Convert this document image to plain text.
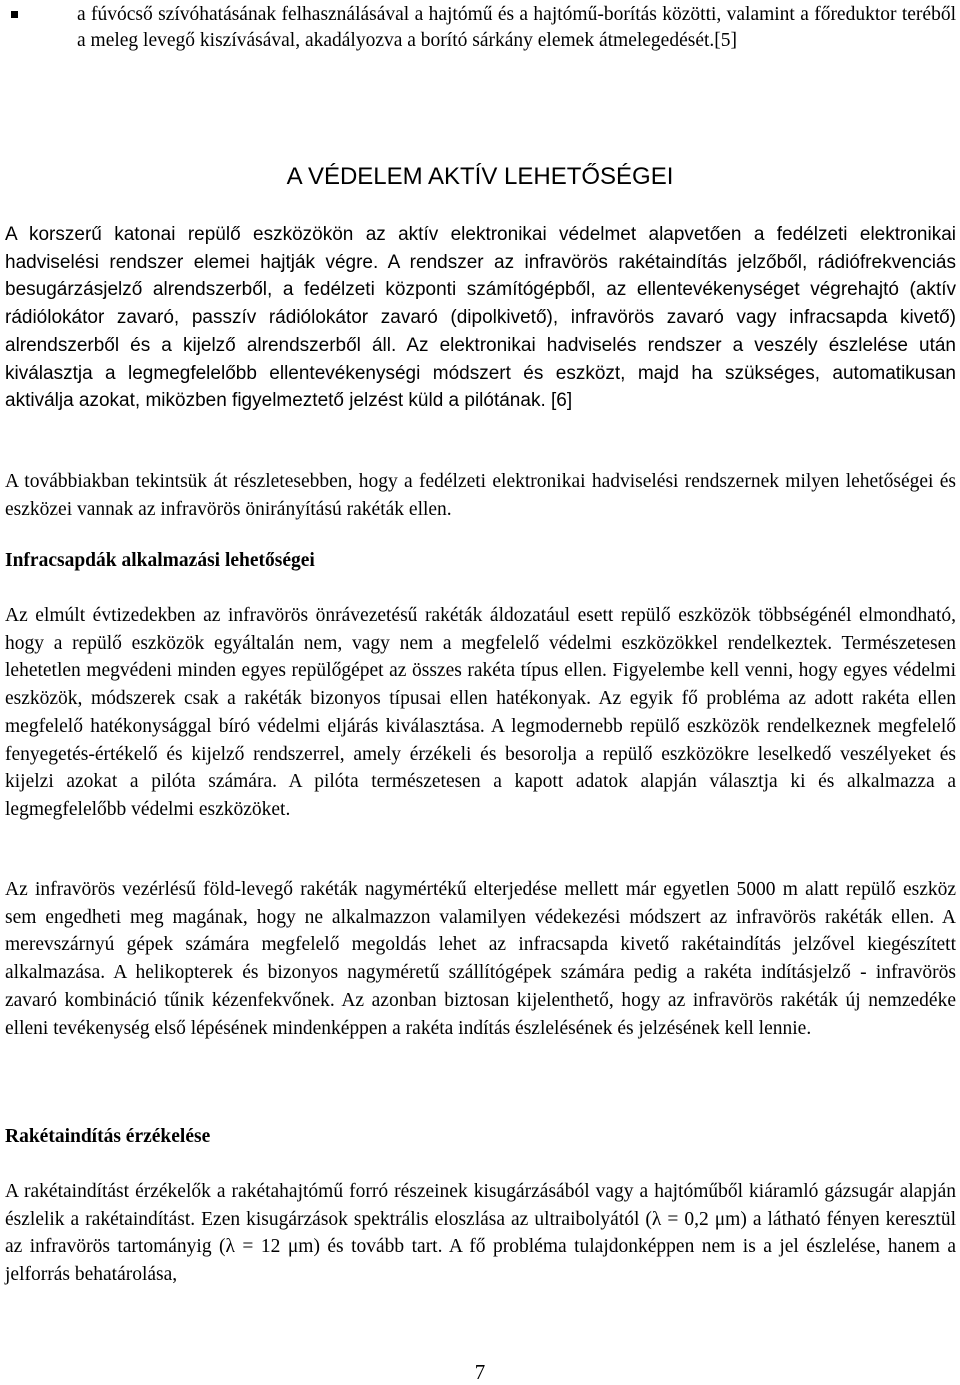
a fúvócső szívóhatásának felhasználásával a hajtómű és a hajtómű-borítás közötti, valamint a főreduktor teréből a meleg levegő kiszívásával, akadályozva a borító sárkány elemek átmelegedését.[5]
A VÉDELEM AKTÍV LEHETŐSÉGEI

A korszerű katonai repülő eszközökön az aktív elektronikai védelmet alapvetően a fedélzeti elektronikai hadviselési rendszer elemei hajtják végre. A rendszer az infravörös rakétaindítás jelzőből, rádiófrekvenciás besugárzásjelző alrendszerből, a fedélzeti központi számítógépből, az ellentevékenységet végrehajtó (aktív rádiólokátor zavaró, passzív rádiólokátor zavaró (dipolkivető), infravörös zavaró vagy infracsapda kivető) alrendszerből és a kijelző alrendszerből áll. Az elektronikai hadviselés rendszer a veszély észlelése után kiválasztja a legmegfelelőbb ellentevékenységi módszert és eszközt, majd ha szükséges, automatikusan aktiválja azokat, miközben figyelmeztető jelzést küld a pilótának. [6]

A továbbiakban tekintsük át részletesebben, hogy a fedélzeti elektronikai hadviselési rendszernek milyen lehetőségei és eszközei vannak az infravörös önirányítású rakéták ellen.

Infracsapdák alkalmazási lehetőségei

Az elmúlt évtizedekben az infravörös önrávezetésű rakéták áldozatául esett repülő eszközök többségénél elmondható, hogy a repülő eszközök egyáltalán nem, vagy nem a megfelelő védelmi eszközökkel rendelkeztek. Természetesen lehetetlen megvédeni minden egyes repülőgépet az összes rakéta típus ellen. Figyelembe kell venni, hogy egyes védelmi eszközök, módszerek csak a rakéták bizonyos típusai ellen hatékonyak. Az egyik fő probléma az adott rakéta ellen megfelelő hatékonysággal bíró védelmi eljárás kiválasztása. A legmodernebb repülő eszközök rendelkeznek megfelelő fenyegetés-értékelő és kijelző rendszerrel, amely érzékeli és besorolja a repülő eszközökre leselkedő veszélyeket és kijelzi azokat a pilóta számára. A pilóta természetesen a kapott adatok alapján választja ki és alkalmazza a legmegfelelőbb védelmi eszközöket.

Az infravörös vezérlésű föld-levegő rakéták nagymértékű elterjedése mellett már egyetlen 5000 m alatt repülő eszköz sem engedheti meg magának, hogy ne alkalmazzon valamilyen védekezési módszert az infravörös rakéták ellen. A merevszárnyú gépek számára megfelelő megoldás lehet az infracsapda kivető rakétaindítás jelzővel kiegészített alkalmazása. A helikopterek és bizonyos nagyméretű szállítógépek számára pedig a rakéta indításjelző - infravörös zavaró kombináció tűnik kézenfekvőnek. Az azonban biztosan kijelenthető, hogy az infravörös rakéták új nemzedéke elleni tevékenység első lépésének mindenképpen a rakéta indítás észlelésének és jelzésének kell lennie.

Rakétaindítás érzékelése

A rakétaindítást érzékelők a rakétahajtómű forró részeinek kisugárzásából vagy a hajtóműből kiáramló gázsugár alapján észlelik a rakétaindítást. Ezen kisugárzások spektrális eloszlása az ultraibolyától (λ = 0,2 μm) a látható fényen keresztül az infravörös tartományig (λ = 12 μm) és tovább tart. A fő probléma tulajdonképpen nem is a jel észlelése, hanem a jelforrás behatárolása,

7
